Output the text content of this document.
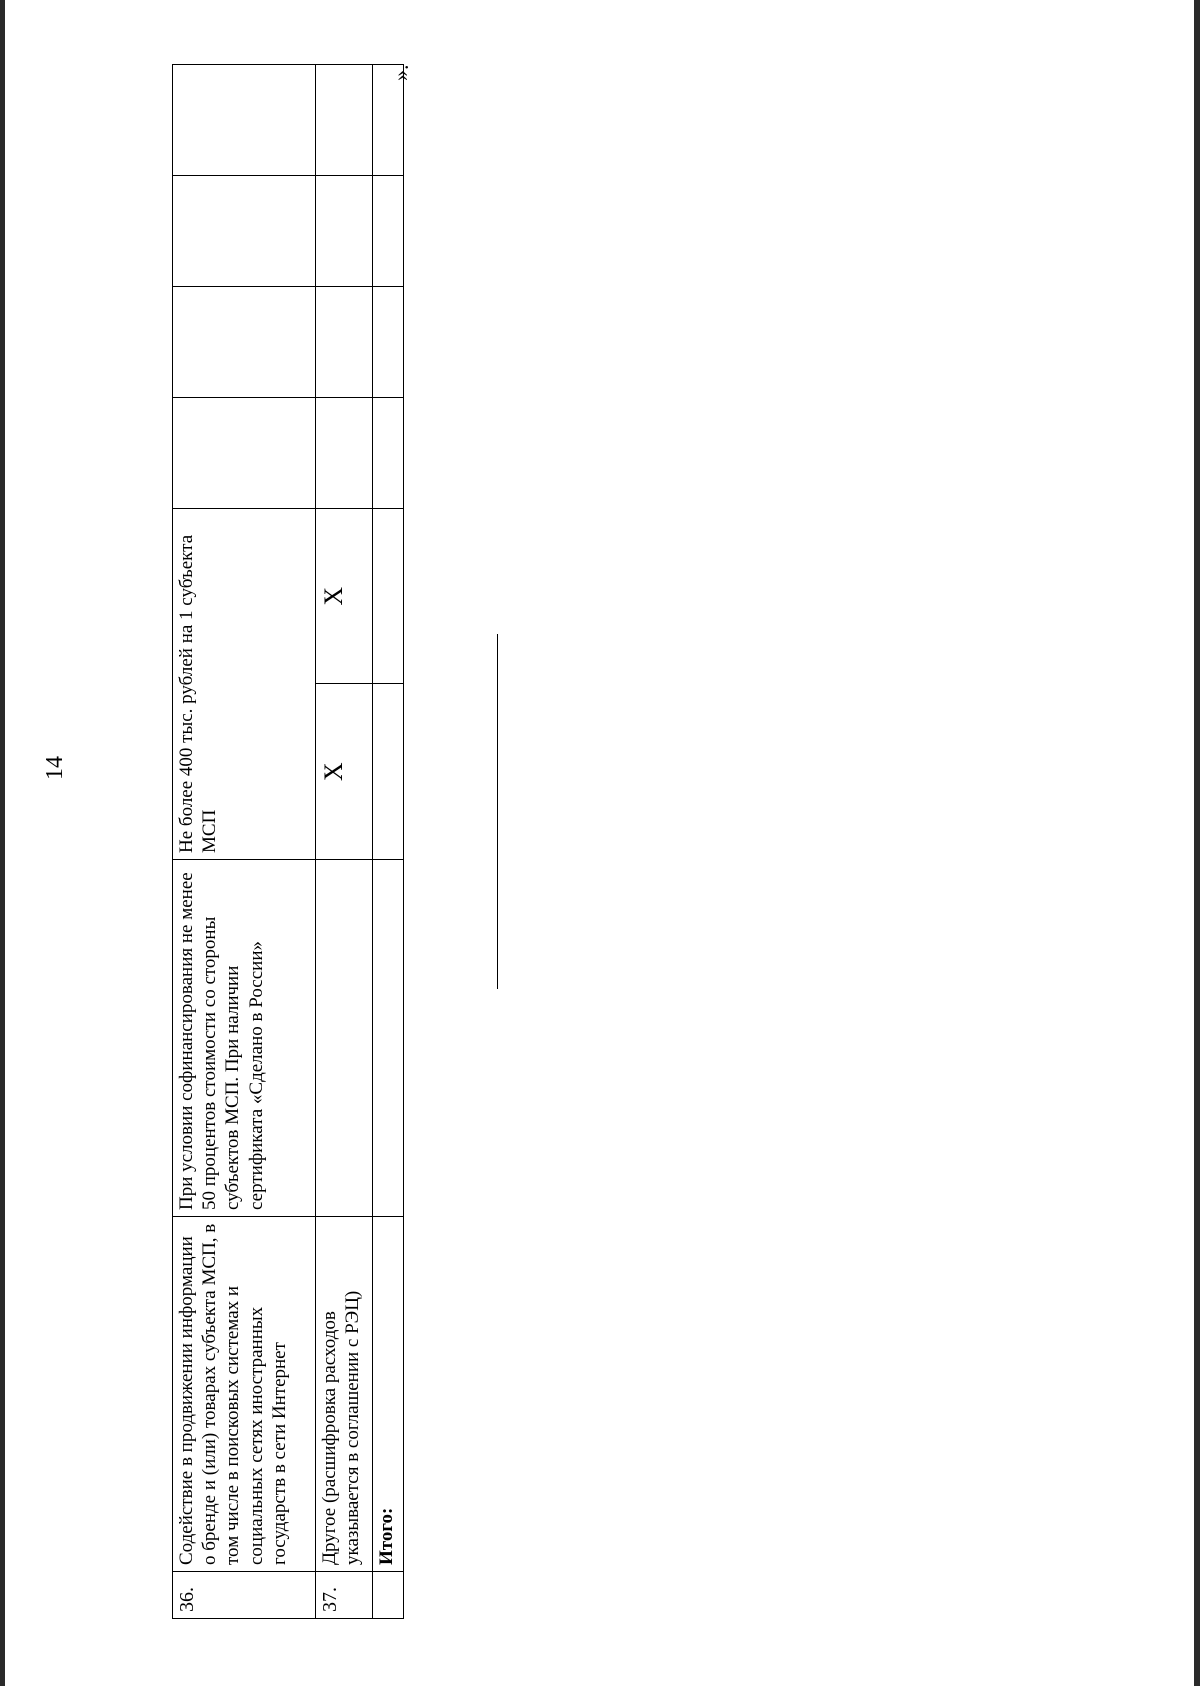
14
36.	Содействие в продвижении информации о бренде и (или) товарах субъекта МСП, в том числе в поисковых системах и социальных сетях иностранных государств в сети Интернет	При условии софинансирования не менее 50 процентов стоимости со стороны субъектов МСП. При наличии сертификата «Сделано в России»	Не более 400 тыс. рублей на 1 субъекта МСП					
37.	Другое (расшифровка расходов указывается в соглашении с РЭЦ)		Х	Х				
	Итого:							
».
